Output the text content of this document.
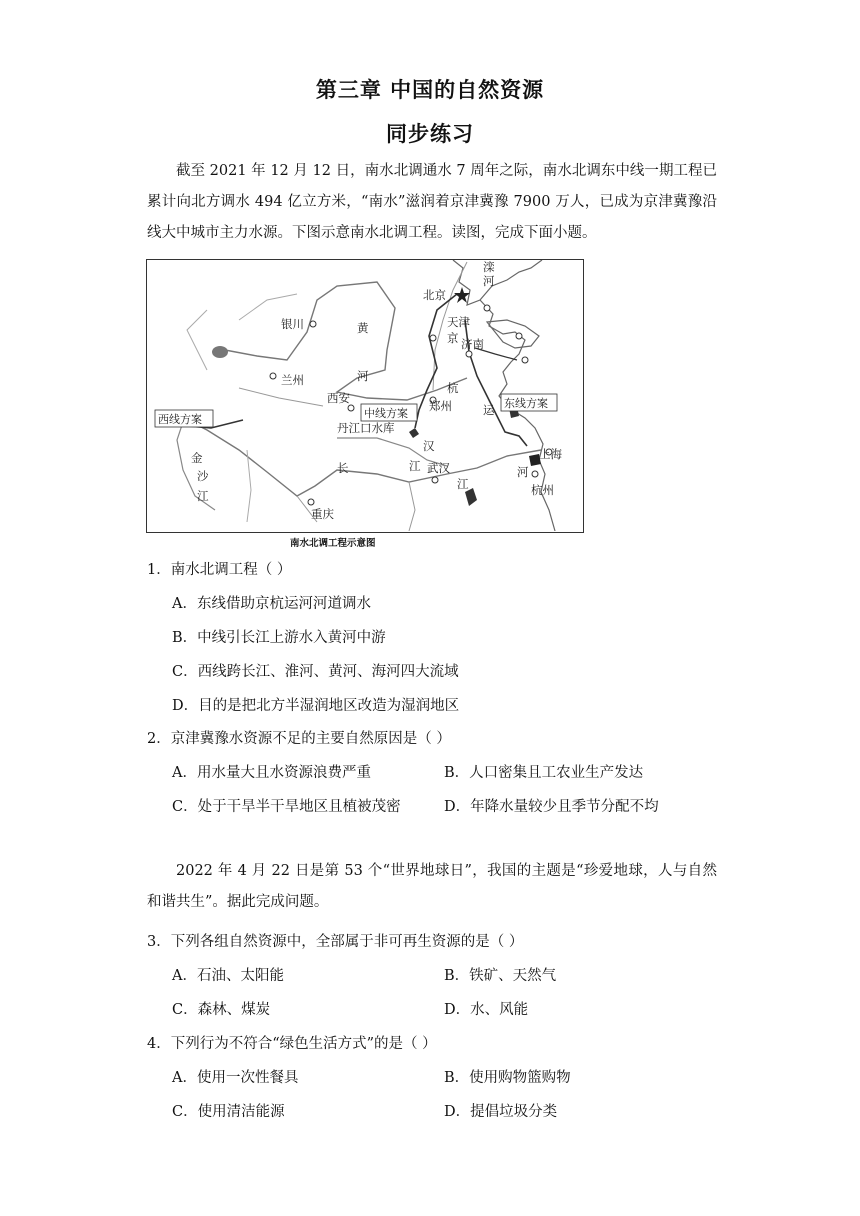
第三章 中国的自然资源
同步练习
截至 2021 年 12 月 12 日，南水北调通水 7 周年之际，南水北调东中线一期工程已累计向北方调水 494 亿立方米，“南水”滋润着京津冀豫 7900 万人，已成为京津冀豫沿线大中城市主力水源。下图示意南水北调工程。读图，完成下面小题。
滦
河
北京
银川	黄	天津
京 济南
兰州	河
杭
西安
郑州
中线方案	运 东线方案
西线方案
丹江口水库
汉
金
沙
江
长	江 武汉
江
河
上海
重庆
杭州
南水北调工程示意图
1．南水北调工程（ ）
A．东线借助京杭运河河道调水
B．中线引长江上游水入黄河中游
C．西线跨长江、淮河、黄河、海河四大流域
D．目的是把北方半湿润地区改造为湿润地区
2．京津冀豫水资源不足的主要自然原因是（ ）
A．用水量大且水资源浪费严重	B．人口密集且工农业生产发达
C．处于干旱半干旱地区且植被茂密	D．年降水量较少且季节分配不均
2022 年 4 月 22 日是第 53 个“世界地球日”，我国的主题是“珍爱地球，人与自然和谐共生”。据此完成问题。
3．下列各组自然资源中，全部属于非可再生资源的是（ ）
A．石油、太阳能	B．铁矿、天然气
C．森林、煤炭	D．水、风能
4．下列行为不符合“绿色生活方式”的是（ ）
A．使用一次性餐具	B．使用购物篮购物
C．使用清洁能源	D．提倡垃圾分类
